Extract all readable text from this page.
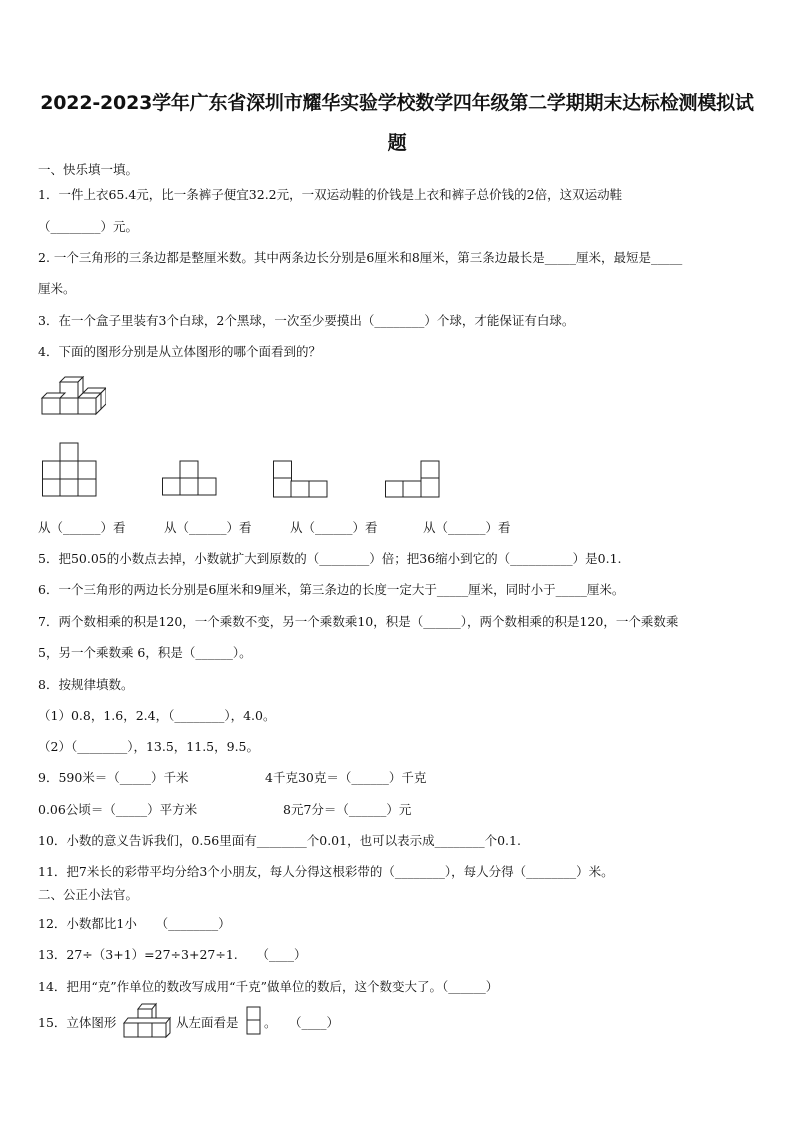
2022-2023学年广东省深圳市耀华实验学校数学四年级第二学期期末达标检测模拟试
题
一、快乐填一填。
1．一件上衣65.4元，比一条裤子便宜32.2元，一双运动鞋的价钱是上衣和裤子总价钱的2倍，这双运动鞋
（________）元。
2. 一个三角形的三条边都是整厘米数。其中两条边长分别是6厘米和8厘米，第三条边最长是_____厘米，最短是_____
厘米。
3．在一个盒子里装有3个白球，2个黑球，一次至少要摸出（________）个球，才能保证有白球。
4．下面的图形分别是从立体图形的哪个面看到的？
从（______）看	从（______）看	从（______）看	从（______）看
5．把50.05的小数点去掉，小数就扩大到原数的（________）倍；把36缩小到它的（__________）是0.1.
6．一个三角形的两边长分别是6厘米和9厘米，第三条边的长度一定大于_____厘米，同时小于_____厘米。
7．两个数相乘的积是120，一个乘数不变，另一个乘数乘10，积是（______），两个数相乘的积是120，一个乘数乘
5，另一个乘数乘 6，积是（______）。
8．按规律填数。
（1）0.8，1.6，2.4，（________），4.0。
（2）（________），13.5，11.5，9.5。
9．590米＝（_____）千米	4千克30克＝（______）千克
0.06公顷＝（_____）平方米	8元7分＝（______）元
10．小数的意义告诉我们，0.56里面有________个0.01，也可以表示成________个0.1.
11．把7米长的彩带平均分给3个小朋友，每人分得这根彩带的（________），每人分得（________）米。
二、公正小法官。
12．小数都比1小　　（________）
13．27÷（3+1）=27÷3+27÷1.　　（____）
14．把用“克”作单位的数改写成用“千克”做单位的数后，这个数变大了。（______）
15．立体图形	从左面看是 。　　（____）
